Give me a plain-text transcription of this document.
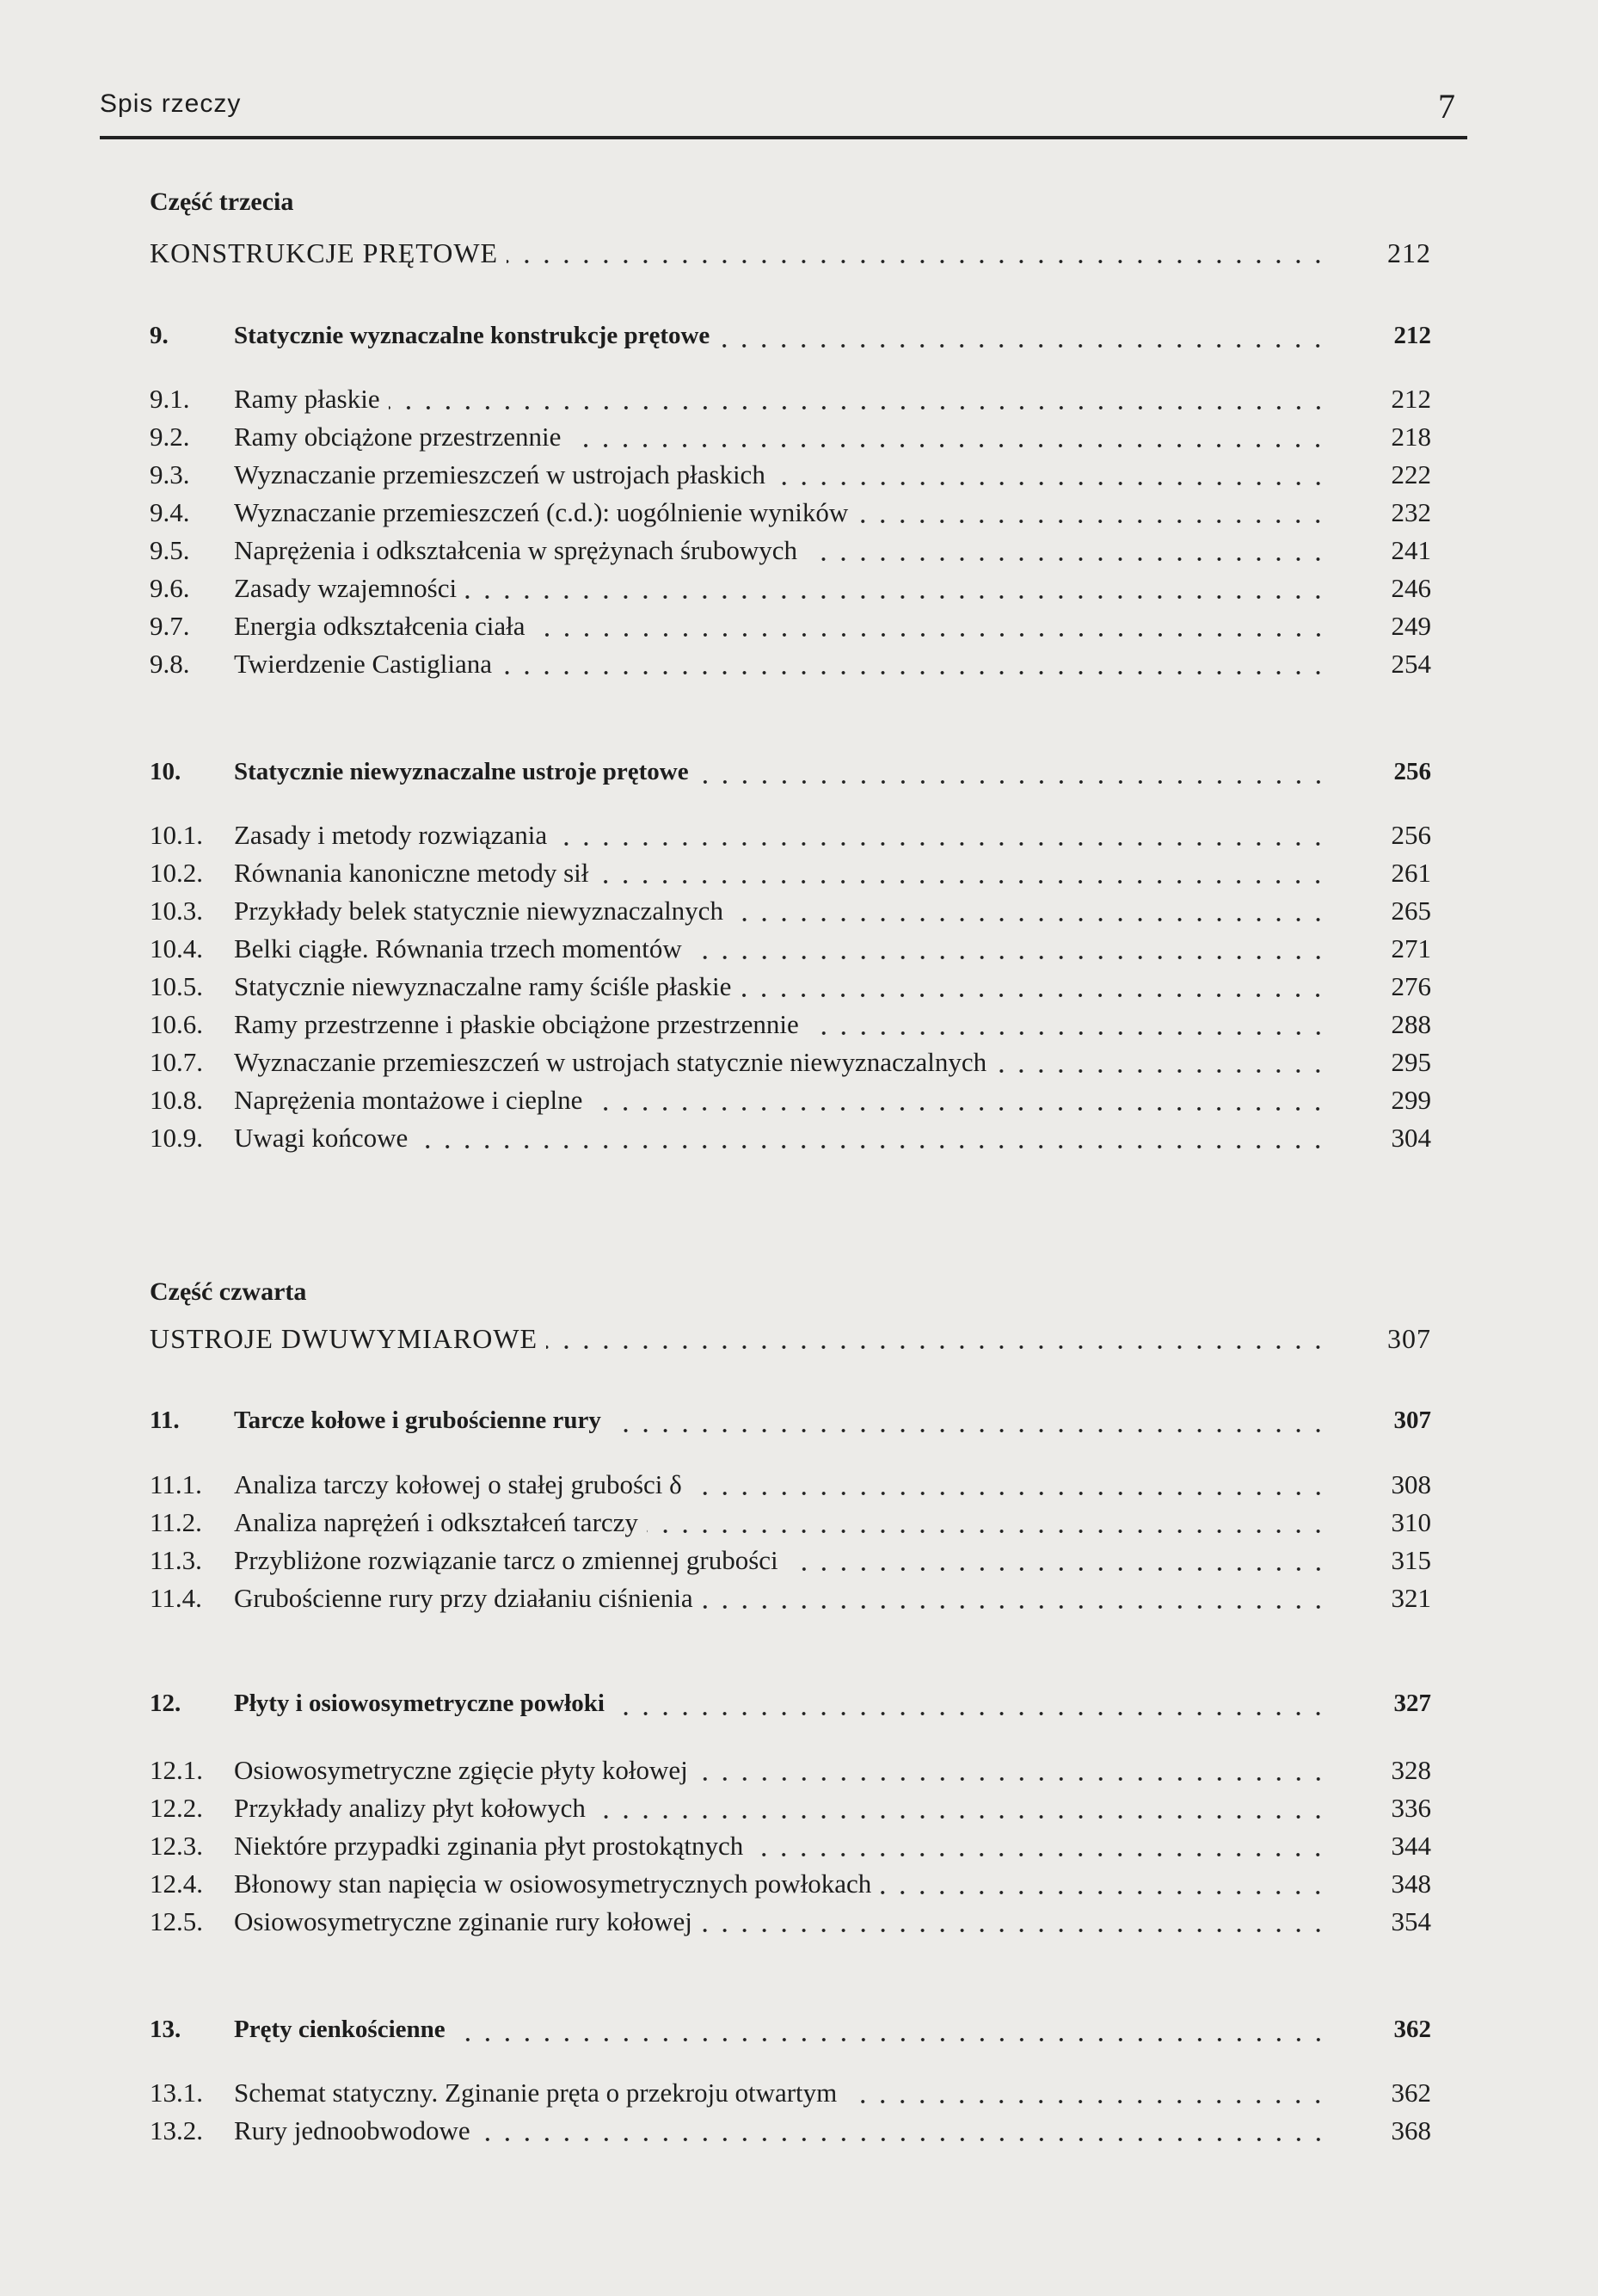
Spis rzeczy	7
Część trzecia
KONSTRUKCJE PRĘTOWE	212
9.	Statycznie wyznaczalne konstrukcje prętowe	212
9.1.	Ramy płaskie	212
9.2.	Ramy obciążone przestrzennie	218
9.3.	Wyznaczanie przemieszczeń w ustrojach płaskich	222
9.4.	Wyznaczanie przemieszczeń (c.d.): uogólnienie wyników	232
9.5.	Naprężenia i odkształcenia w sprężynach śrubowych	241
9.6.	Zasady wzajemności	246
9.7.	Energia odkształcenia ciała	249
9.8.	Twierdzenie Castigliana	254
10.	Statycznie niewyznaczalne ustroje prętowe	256
10.1.	Zasady i metody rozwiązania	256
10.2.	Równania kanoniczne metody sił	261
10.3.	Przykłady belek statycznie niewyznaczalnych	265
10.4.	Belki ciągłe. Równania trzech momentów	271
10.5.	Statycznie niewyznaczalne ramy ściśle płaskie	276
10.6.	Ramy przestrzenne i płaskie obciążone przestrzennie	288
10.7.	Wyznaczanie przemieszczeń w ustrojach statycznie niewyznaczalnych	295
10.8.	Naprężenia montażowe i cieplne	299
10.9.	Uwagi końcowe	304
Część czwarta
USTROJE DWUWYMIAROWE	307
11.	Tarcze kołowe i grubościenne rury	307
11.1.	Analiza tarczy kołowej o stałej grubości δ	308
11.2.	Analiza naprężeń i odkształceń tarczy	310
11.3.	Przybliżone rozwiązanie tarcz o zmiennej grubości	315
11.4.	Grubościenne rury przy działaniu ciśnienia	321
12.	Płyty i osiowosymetryczne powłoki	327
12.1.	Osiowosymetryczne zgięcie płyty kołowej	328
12.2.	Przykłady analizy płyt kołowych	336
12.3.	Niektóre przypadki zginania płyt prostokątnych	344
12.4.	Błonowy stan napięcia w osiowosymetrycznych powłokach	348
12.5.	Osiowosymetryczne zginanie rury kołowej	354
13.	Pręty cienkościenne	362
13.1.	Schemat statyczny. Zginanie pręta o przekroju otwartym	362
13.2.	Rury jednoobwodowe	368
